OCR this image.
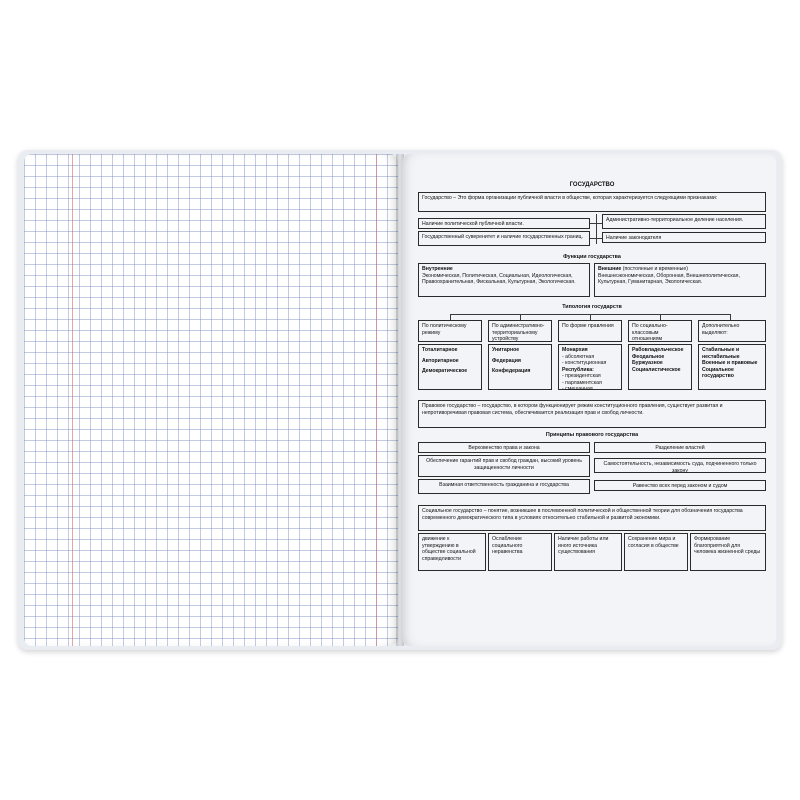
ГОСУДАРСТВО
Государство – Это форма организации публичной власти в обществе, которая характеризуется следующими признаками:
Наличие политической публичной власти.
Административно-территориальное деление населения.
Государственный суверенитет и наличие государственных границ.	Наличие законодателя
Функции государства
Внутренние
Экономическая, Политическая, Социальная, Идеологическая, Правоохранительная, Фискальная, Культурная, Экологическая.
Внешние (постоянные и временные)
Внешнеэкономическая, Оборонная, Внешнеполитическая, Культурная, Гуманитарная, Экологическая.
Типология государств
По политическому режиму
По административно-территориальному устройству
По форме правления	По социально-классовым отношениям
Дополнительно выделяют:
Тоталитарное
Авторитарное
Демократическое
Унитарное
Федерация
Конфедерация
Монархия
- абсолютная
- конституционная
Республика:
- президентская
- парламентская
- смешанная
Рабовладельческое
Феодальное
Буржуазное
Социалистическое
Стабильные и нестабильные
Военные и правовые
Социальное государство
Правовое государство – государство, в котором функционирует режим конституционного правления, существует развитая и непротиворечивая правовая система, обеспечивается реализация прав и свобод личности.
Принципы правового государства
Верховенство права и закона	Разделение властей
Обеспечение гарантий прав и свобод граждан, высокий уровень защищенности личности
Самостоятельность, независимость суда, подчиненного только закону
Взаимная ответственность гражданина и государства	Равенство всех перед законом и судом
Социальное государство – понятие, возникшее в послевоенной политической и общественной теории для обозначения государства современного демократического типа в условиях относительно стабильной и развитой экономики.
движение к утверждению в обществе социальной справедливости
Ослабление социального неравенства
Наличие работы или иного источника существования
Сохранение мира и согласия в обществе
Формирование благоприятной для человека жизненной среды
